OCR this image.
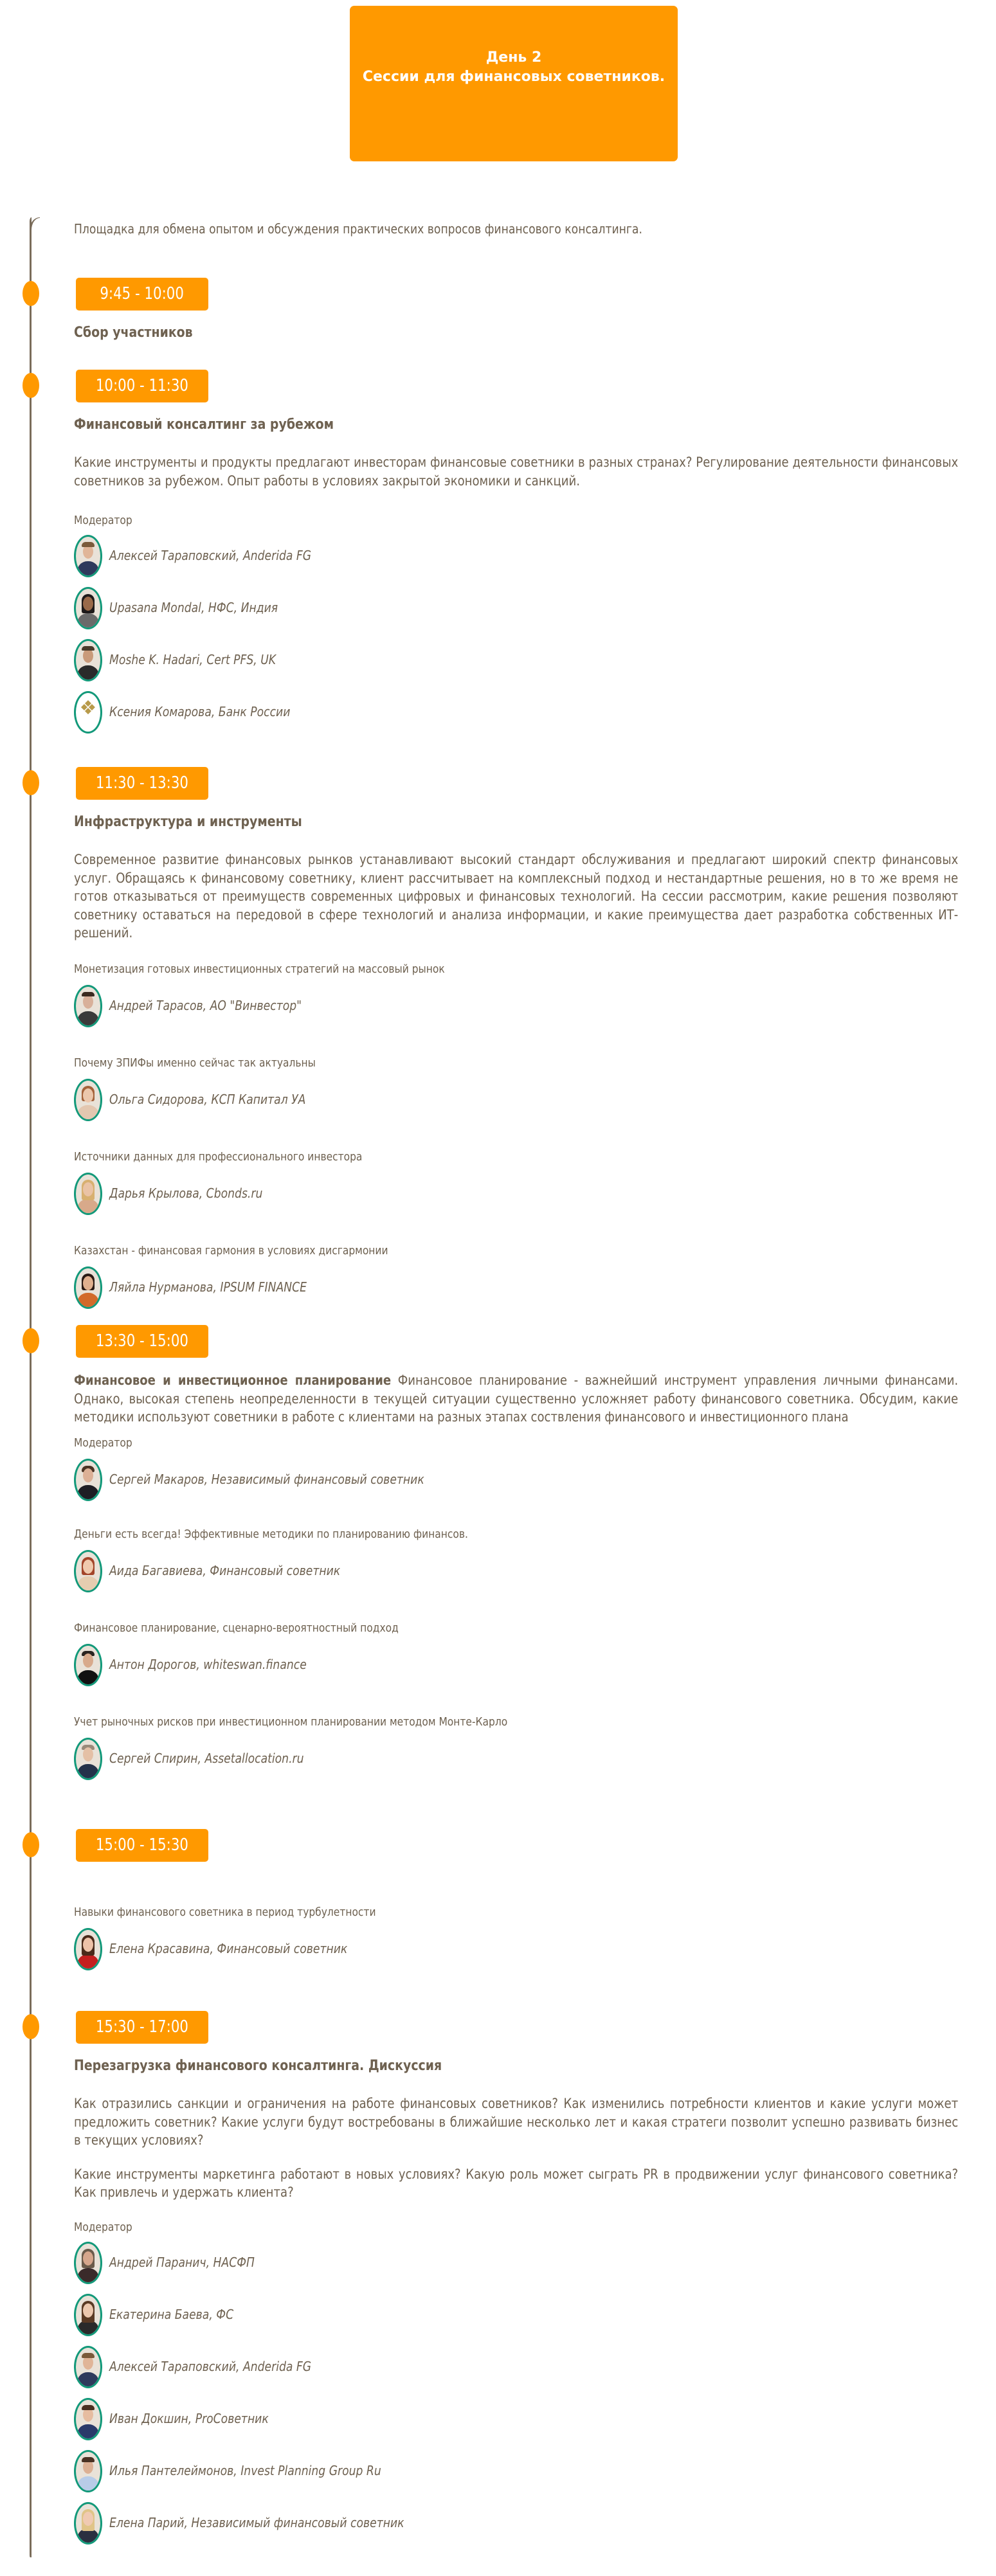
День 2
Сессии для финансовых советников.
Площадка для обмена опытом и обсуждения практических вопросов финансового консалтинга.
9:45 - 10:00
Сбор участников
10:00 - 11:30
Финансовый консалтинг за рубежом
Какие инструменты и продукты предлагают инвесторам финансовые советники в разных странах? Регулирование деятельности финансовых советников за рубежом. Опыт работы в условиях закрытой экономики и санкций.
Модератор
Алексей Тараповский, Anderida FG
Upasana Mondal, НФС, Индия
Moshe K. Hadari, Cert PFS, UK
❖ Ксения Комарова, Банк России
11:30 - 13:30
Инфраструктура и инструменты
Современное развитие финансовых рынков устанавливают высокий стандарт обслуживания и предлагают широкий спектр финансовых услуг. Обращаясь к финансовому советнику, клиент рассчитывает на комплексный подход и нестандартные решения, но в то же время не готов отказываться от преимуществ современных цифровых и финансовых технологий. На сессии рассмотрим, какие решения позволяют советнику оставаться на передовой в сфере технологий и анализа информации, и какие преимущества дает разработка собственных ИТ-решений.
Монетизация готовых инвестиционных стратегий на массовый рынок
Андрей Тарасов, АО "Винвестор"
Почему ЗПИФы именно сейчас так актуальны
Ольга Сидорова, КСП Капитал УА
Источники данных для профессионального инвестора
Дарья Крылова, Cbonds.ru
Казахстан - финансовая гармония в условиях дисгармонии
Ляйла Нурманова, IPSUM FINANCE
13:30 - 15:00
Финансовое и инвестиционное планирование Финансовое планирование - важнейший инструмент управления личными финансами. Однако, высокая степень неопределенности в текущей ситуации существенно усложняет работу финансового советника. Обсудим, какие методики используют советники в работе с клиентами на разных этапах соствления финансового и инвестиционного плана
Модератор
Сергей Макаров, Независимый финансовый советник
Деньги есть всегда! Эффективные методики по планированию финансов.
Аида Багавиева, Финансовый советник
Финансовое планирование, сценарно-вероятностный подход
Антон Дорогов, whiteswan.finance
Учет рыночных рисков при инвестиционном планировании методом Монте-Карло
Сергей Спирин, Assetallocation.ru
15:00 - 15:30
Навыки финансового советника в период турбулетности
Елена Красавина, Финансовый советник
15:30 - 17:00
Перезагрузка финансового консалтинга. Дискуссия
Как отразились санкции и ограничения на работе финансовых советников? Как изменились потребности клиентов и какие услуги может предложить советник? Какие услуги будут востребованы в ближайшие несколько лет и какая стратеги позволит успешно развивать бизнес в текущих условиях?
Какие инструменты маркетинга работают в новых условиях? Какую роль может сыграть PR в продвижении услуг финансового советника? Как привлечь и удержать клиента?
Модератор
Андрей Паранич, НАСФП
Екатерина Баева, ФС
Алексей Тараповский, Anderida FG
Иван Докшин, ProСоветник
Илья Пантелеймонов, Invest Planning Group Ru
Елена Парий, Независимый финансовый советник
